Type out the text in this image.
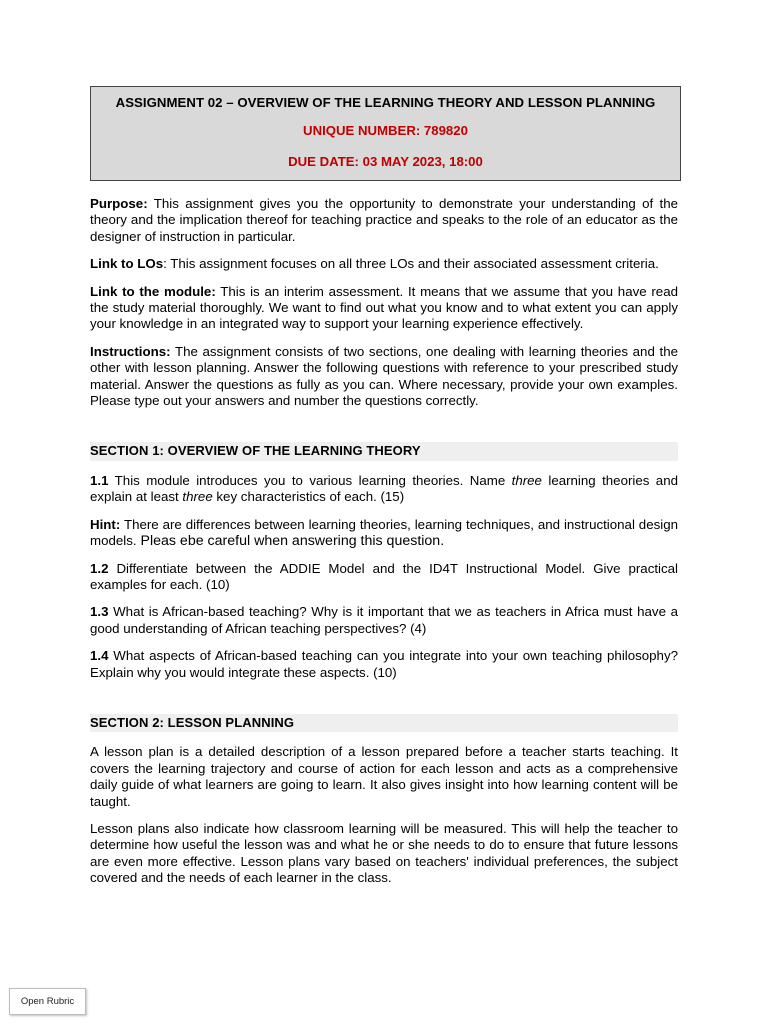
ASSIGNMENT 02 – OVERVIEW OF THE LEARNING THEORY AND LESSON PLANNING
UNIQUE NUMBER: 789820
DUE DATE: 03 MAY 2023, 18:00

Purpose: This assignment gives you the opportunity to demonstrate your understanding of the theory and the implication thereof for teaching practice and speaks to the role of an educator as the designer of instruction in particular.

Link to LOs: This assignment focuses on all three LOs and their associated assessment criteria.

Link to the module: This is an interim assessment. It means that we assume that you have read the study material thoroughly. We want to find out what you know and to what extent you can apply your knowledge in an integrated way to support your learning experience effectively.

Instructions: The assignment consists of two sections, one dealing with learning theories and the other with lesson planning. Answer the following questions with reference to your prescribed study material. Answer the questions as fully as you can. Where necessary, provide your own examples. Please type out your answers and number the questions correctly.

SECTION 1: OVERVIEW OF THE LEARNING THEORY

1.1 This module introduces you to various learning theories. Name three learning theories and explain at least three key characteristics of each. (15)

Hint: There are differences between learning theories, learning techniques, and instructional design models. Pleas ebe careful when answering this question.

1.2 Differentiate between the ADDIE Model and the ID4T Instructional Model. Give practical examples for each. (10)

1.3 What is African-based teaching? Why is it important that we as teachers in Africa must have a good understanding of African teaching perspectives? (4)

1.4 What aspects of African-based teaching can you integrate into your own teaching philosophy? Explain why you would integrate these aspects. (10)

SECTION 2: LESSON PLANNING

A lesson plan is a detailed description of a lesson prepared before a teacher starts teaching. It covers the learning trajectory and course of action for each lesson and acts as a comprehensive daily guide of what learners are going to learn. It also gives insight into how learning content will be taught.

Lesson plans also indicate how classroom learning will be measured. This will help the teacher to determine how useful the lesson was and what he or she needs to do to ensure that future lessons are even more effective. Lesson plans vary based on teachers' individual preferences, the subject covered and the needs of each learner in the class.

Open Rubric
